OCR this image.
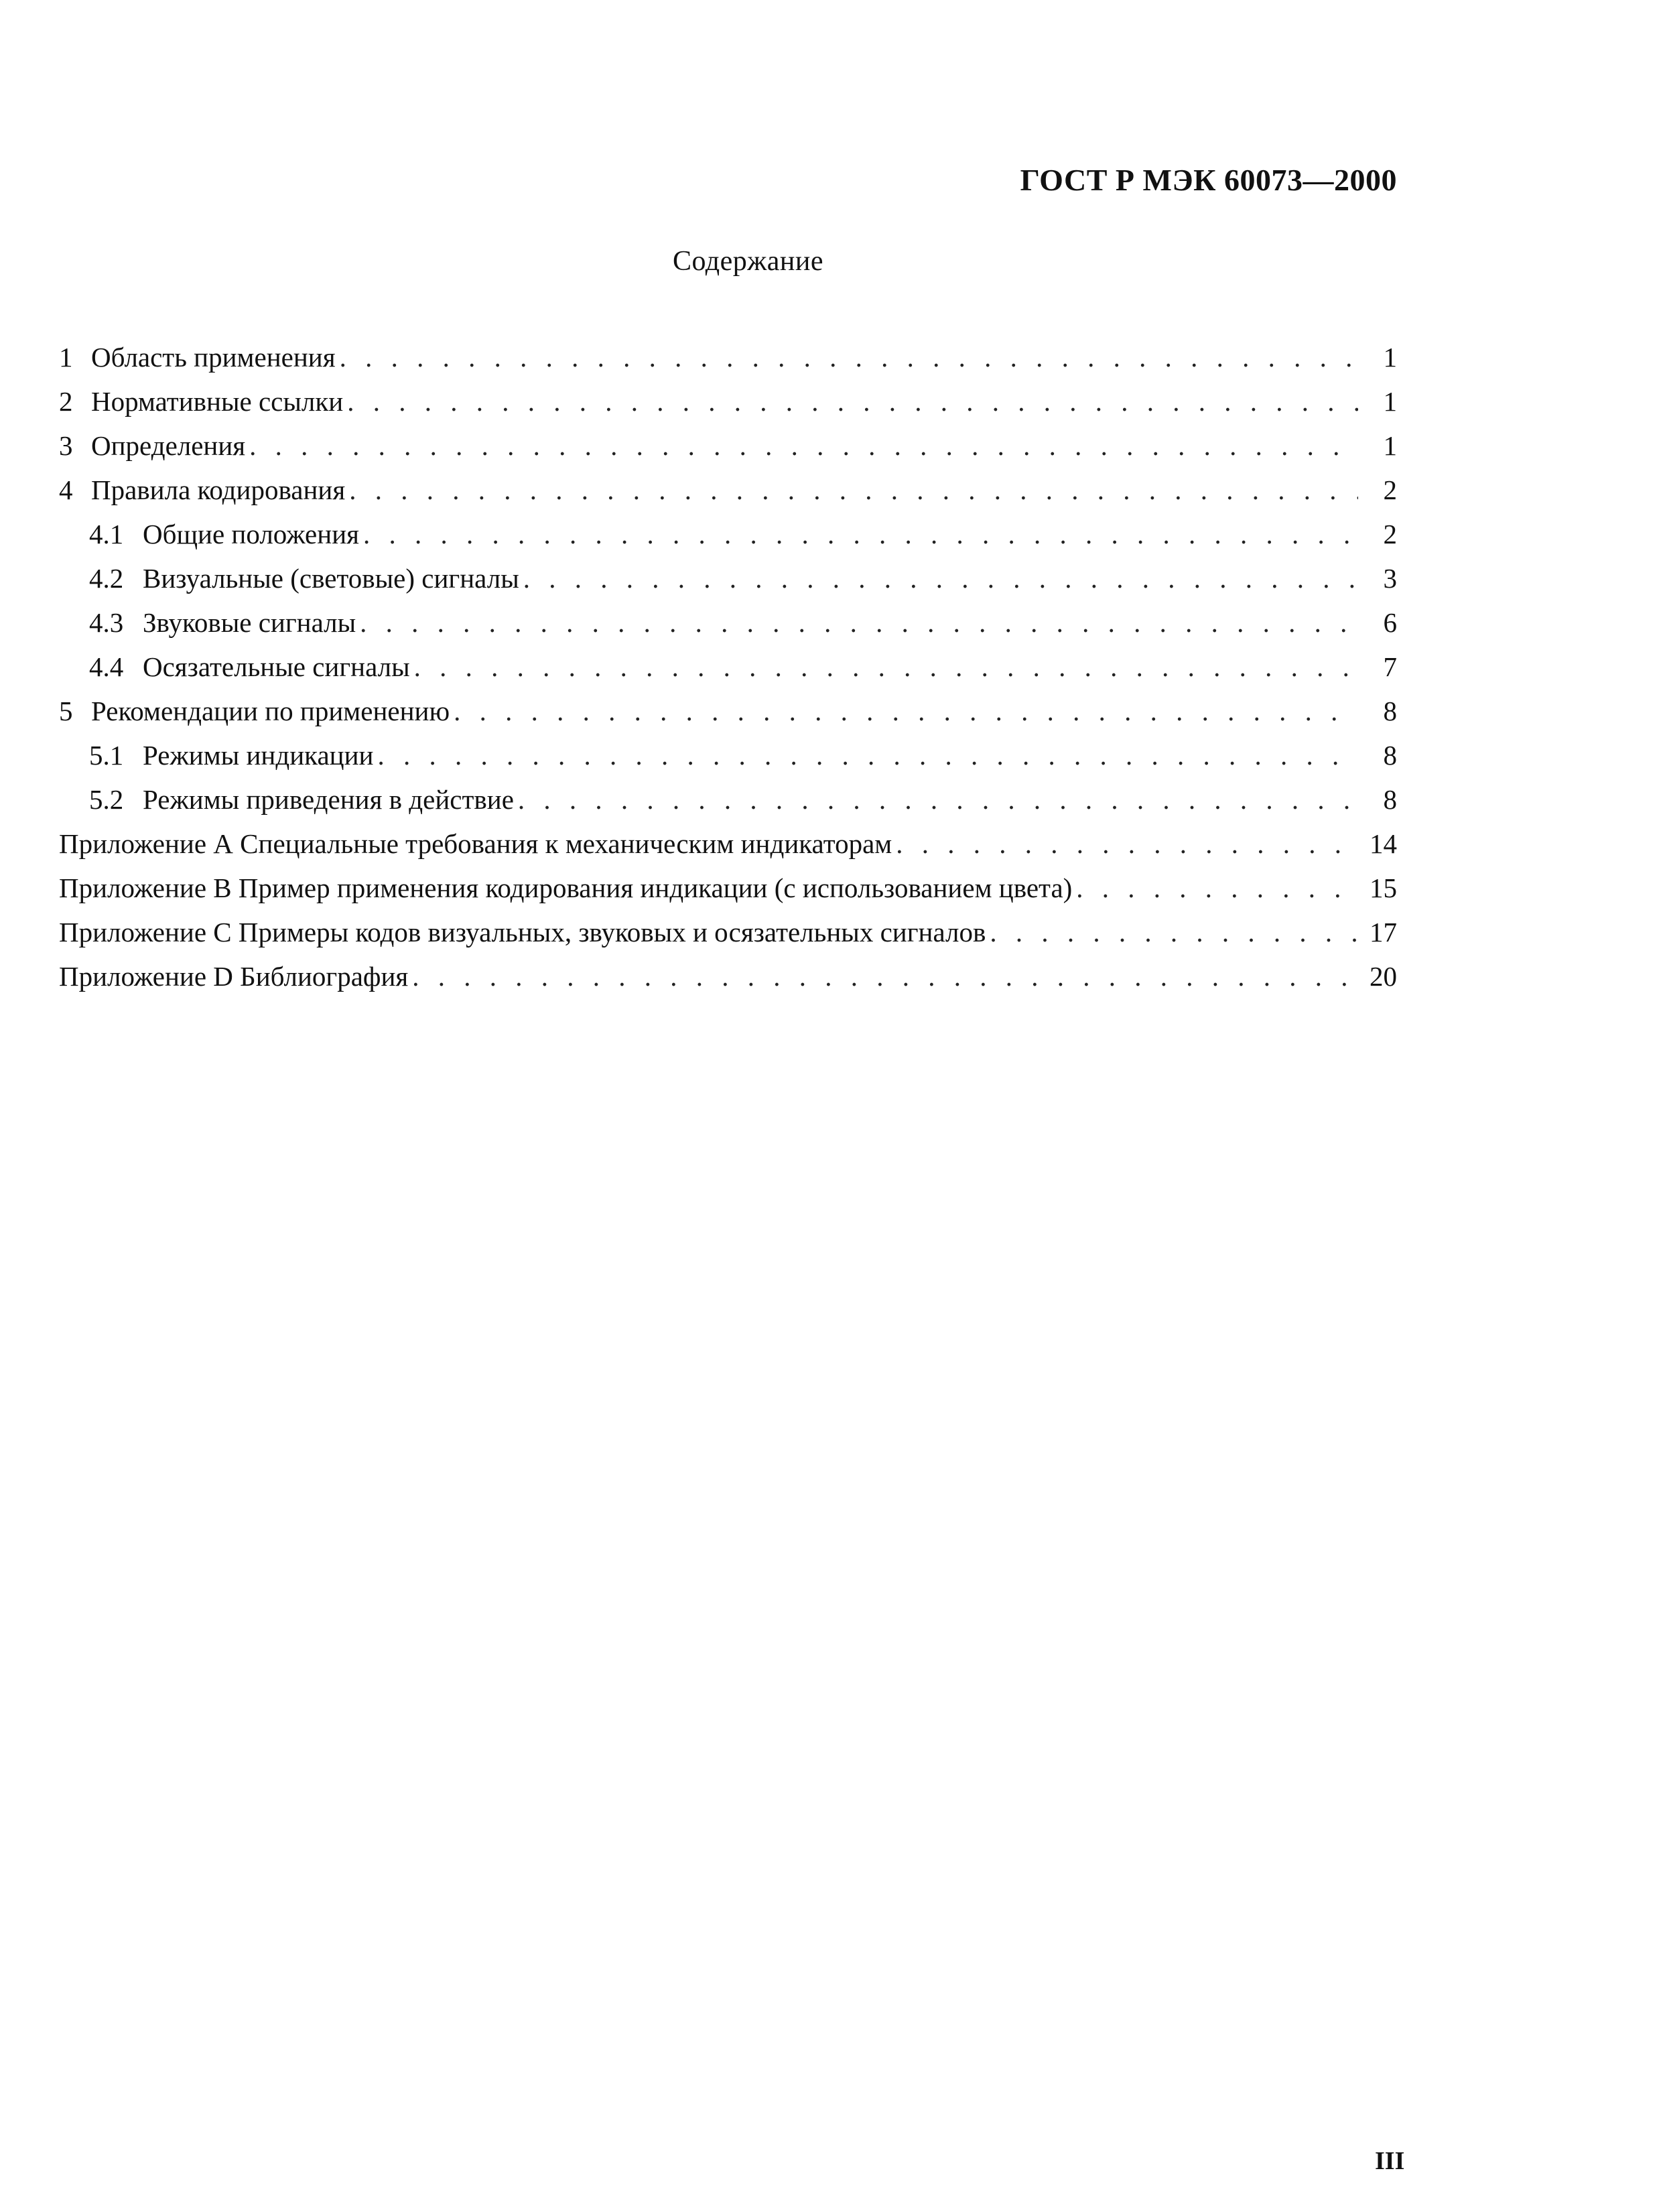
ГОСТ Р МЭК 60073—2000
Содержание
1 Область применения . . .	1
2 Нормативные ссылки . . .	1
3 Определения . . .	1
4 Правила кодирования . . .	2
4.1 Общие положения . . .	2
4.2 Визуальные (световые) сигналы . . .	3
4.3 Звуковые сигналы . . .	6
4.4 Осязательные сигналы . . .	7
5 Рекомендации по применению . . .	8
5.1 Режимы индикации . . .	8
5.2 Режимы приведения в действие . . .	8
Приложение А Специальные требования к механическим индикаторам . . .	14
Приложение В Пример применения кодирования индикации (с использованием цвета) . . .	15
Приложение С Примеры кодов визуальных, звуковых и осязательных сигналов . . .	17
Приложение D Библиография . . .	20
III
